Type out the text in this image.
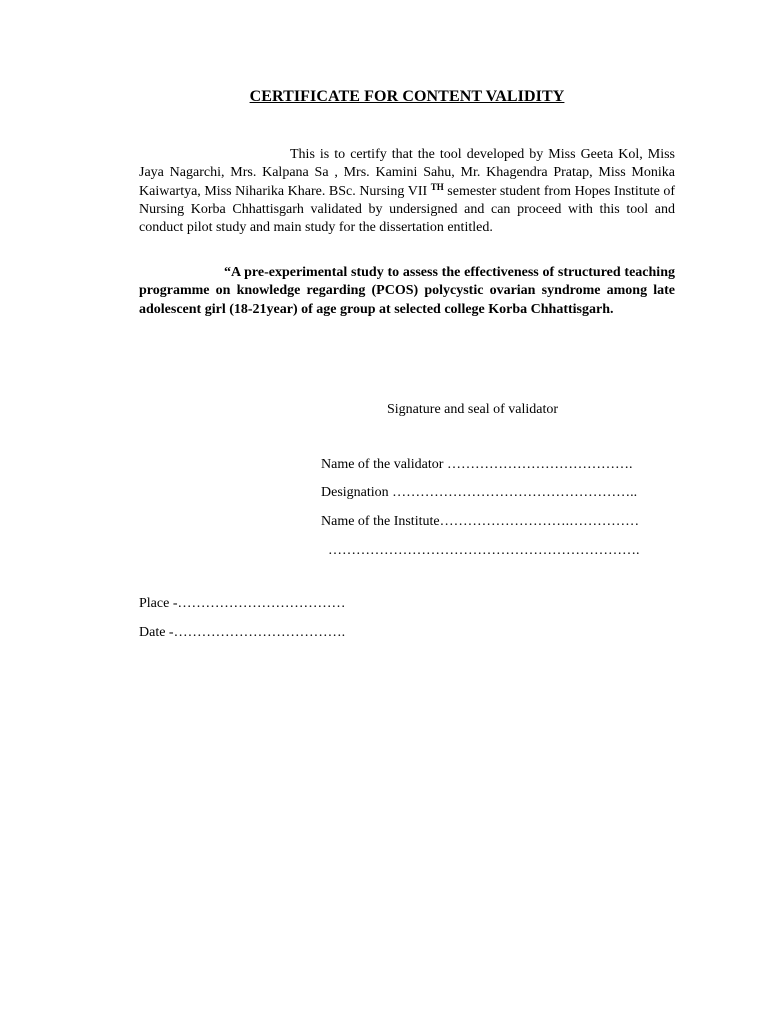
CERTIFICATE FOR CONTENT VALIDITY

This is to certify that the tool developed by Miss Geeta Kol, Miss Jaya Nagarchi, Mrs. Kalpana Sa , Mrs. Kamini Sahu, Mr. Khagendra Pratap, Miss Monika Kaiwartya, Miss Niharika Khare. BSc. Nursing VII $^{TH}$ semester student from Hopes Institute of Nursing Korba Chhattisgarh validated by undersigned and can proceed with this tool and conduct pilot study and main study for the dissertation entitled.

“A pre-experimental study to assess the effectiveness of structured teaching programme on knowledge regarding (PCOS) polycystic ovarian syndrome among late adolescent girl (18-21year) of age group at selected college Korba Chhattisgarh.

Signature and seal of validator
Name of the validator ………………………………….
Designation ……………………………………………..
Name of the Institute……………………….……………
………………………………………………………….
Place -………………………………
Date -……………………………….
